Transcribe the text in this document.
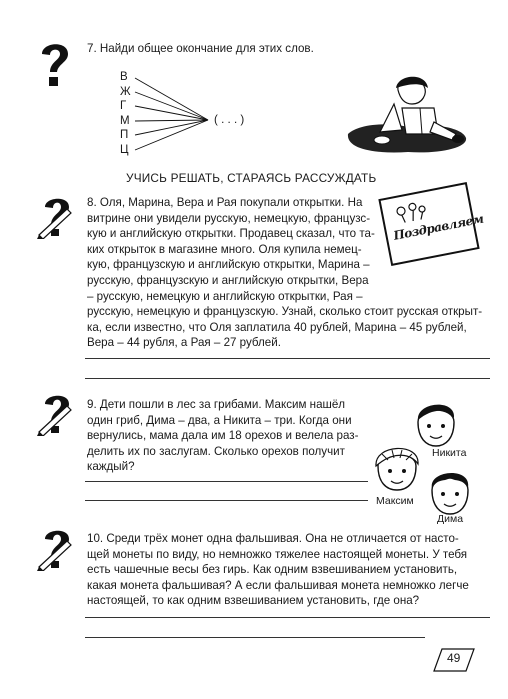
7. Найди общее окончание для этих слов.
В
Ж
Г
М
П
Ц
( . . . )
УЧИСЬ РЕШАТЬ, СТАРАЯСЬ РАССУЖДАТЬ

8. Оля, Марина, Вера и Рая покупали открытки. На

витрине они увидели русскую, немецкую, французс-

кую и английскую открытки. Продавец сказал, что та-

ких открыток в магазине много. Оля купила немец-

кую, французскую и английскую открытки, Марина –

русскую, французскую и английскую открытки, Вера

– русскую, немецкую и английскую открытки, Рая –

русскую, немецкую и французскую. Узнай, сколько стоит русская открыт-

ка, если известно, что Оля заплатила 40 рублей, Марина – 45 рублей,

Вера – 44 рубля, а Рая – 27 рублей.

Поздравляем

9. Дети пошли в лес за грибами. Максим нашёл

один гриб, Дима – два, а Никита – три. Когда они

вернулись, мама дала им 18 орехов и велела раз-

делить их по заслугам. Сколько орехов получит

каждый?

Никита
Максим
Дима

10. Среди трёх монет одна фальшивая. Она не отличается от насто-

щей монеты по виду, но немножко тяжелее настоящей монеты. У тебя

есть чашечные весы без гирь. Как одним взвешиванием установить,

какая монета фальшивая? А если фальшивая монета немножко легче

настоящей, то как одним взвешиванием установить, где она?

49
